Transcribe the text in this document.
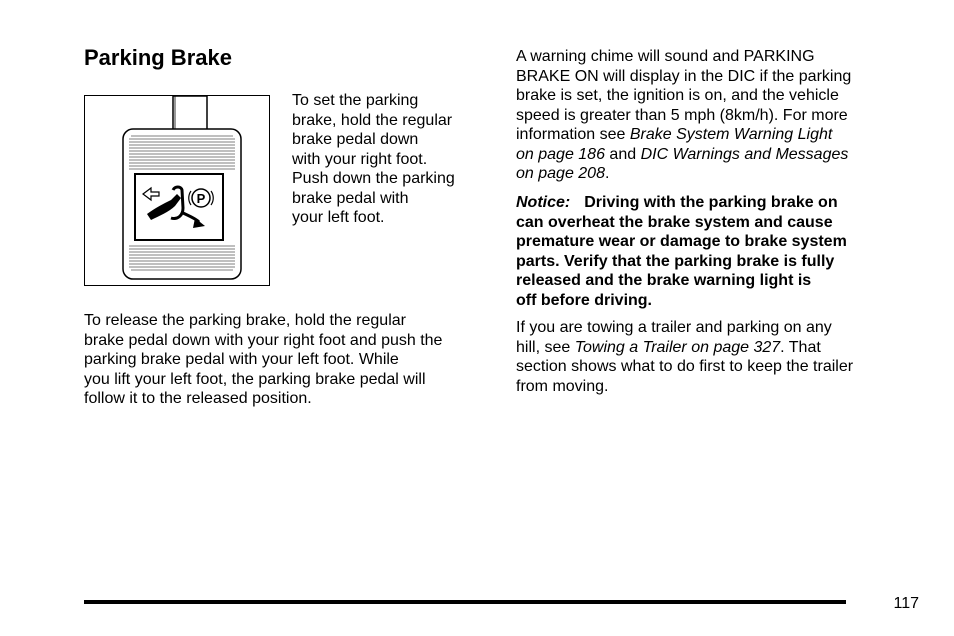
Parking Brake
P
To set the parking
brake, hold the regular
brake pedal down
with your right foot.
Push down the parking
brake pedal with
your left foot.
To release the parking brake, hold the regular
brake pedal down with your right foot and push the
parking brake pedal with your left foot. While
you lift your left foot, the parking brake pedal will
follow it to the released position.
A warning chime will sound and PARKING
BRAKE ON will display in the DIC if the parking
brake is set, the ignition is on, and the vehicle
speed is greater than 5 mph (8km/h). For more
information see Brake System Warning Light
on page 186 and DIC Warnings and Messages
on page 208.
Notice: Driving with the parking brake on
can overheat the brake system and cause
premature wear or damage to brake system
parts. Verify that the parking brake is fully
released and the brake warning light is
off before driving.
If you are towing a trailer and parking on any
hill, see Towing a Trailer on page 327. That
section shows what to do first to keep the trailer
from moving.
117
